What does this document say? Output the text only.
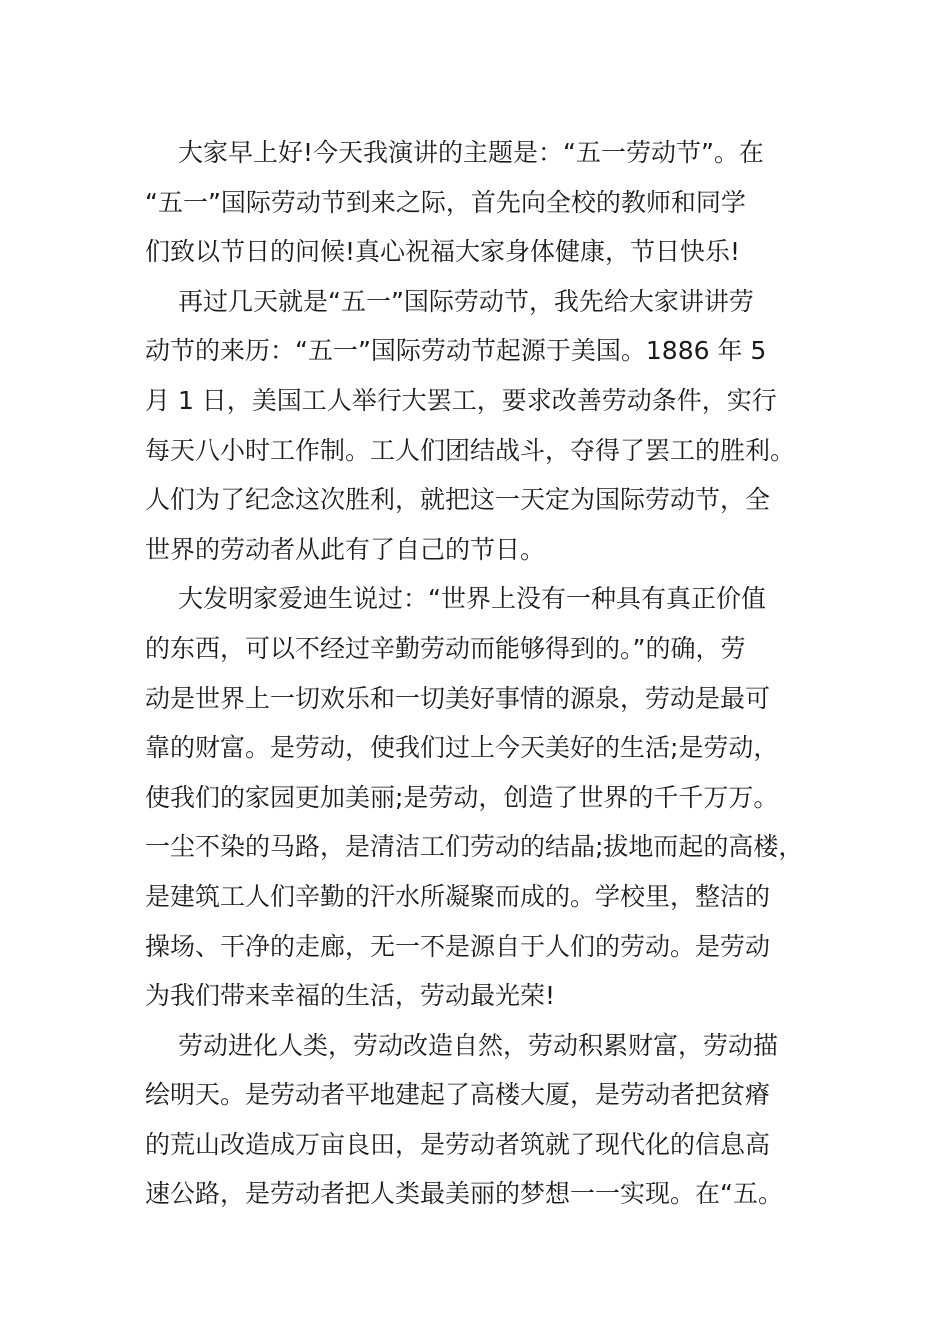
大家早上好!今天我演讲的主题是：“五一劳动节”。在
“五一”国际劳动节到来之际，首先向全校的教师和同学
们致以节日的问候!真心祝福大家身体健康，节日快乐!
再过几天就是“五一”国际劳动节，我先给大家讲讲劳
动节的来历：“五一”国际劳动节起源于美国。1886 年 5
月 1 日，美国工人举行大罢工，要求改善劳动条件，实行
每天八小时工作制。工人们团结战斗，夺得了罢工的胜利。
人们为了纪念这次胜利，就把这一天定为国际劳动节，全
世界的劳动者从此有了自己的节日。
大发明家爱迪生说过：“世界上没有一种具有真正价值
的东西，可以不经过辛勤劳动而能够得到的。”的确，劳
动是世界上一切欢乐和一切美好事情的源泉，劳动是最可
靠的财富。是劳动，使我们过上今天美好的生活;是劳动，
使我们的家园更加美丽;是劳动，创造了世界的千千万万。
一尘不染的马路，是清洁工们劳动的结晶;拔地而起的高楼，
是建筑工人们辛勤的汗水所凝聚而成的。学校里，整洁的
操场、干净的走廊，无一不是源自于人们的劳动。是劳动
为我们带来幸福的生活，劳动最光荣!
劳动进化人类，劳动改造自然，劳动积累财富，劳动描
绘明天。是劳动者平地建起了高楼大厦，是劳动者把贫瘠
的荒山改造成万亩良田，是劳动者筑就了现代化的信息高
速公路，是劳动者把人类最美丽的梦想一一实现。在“五。
